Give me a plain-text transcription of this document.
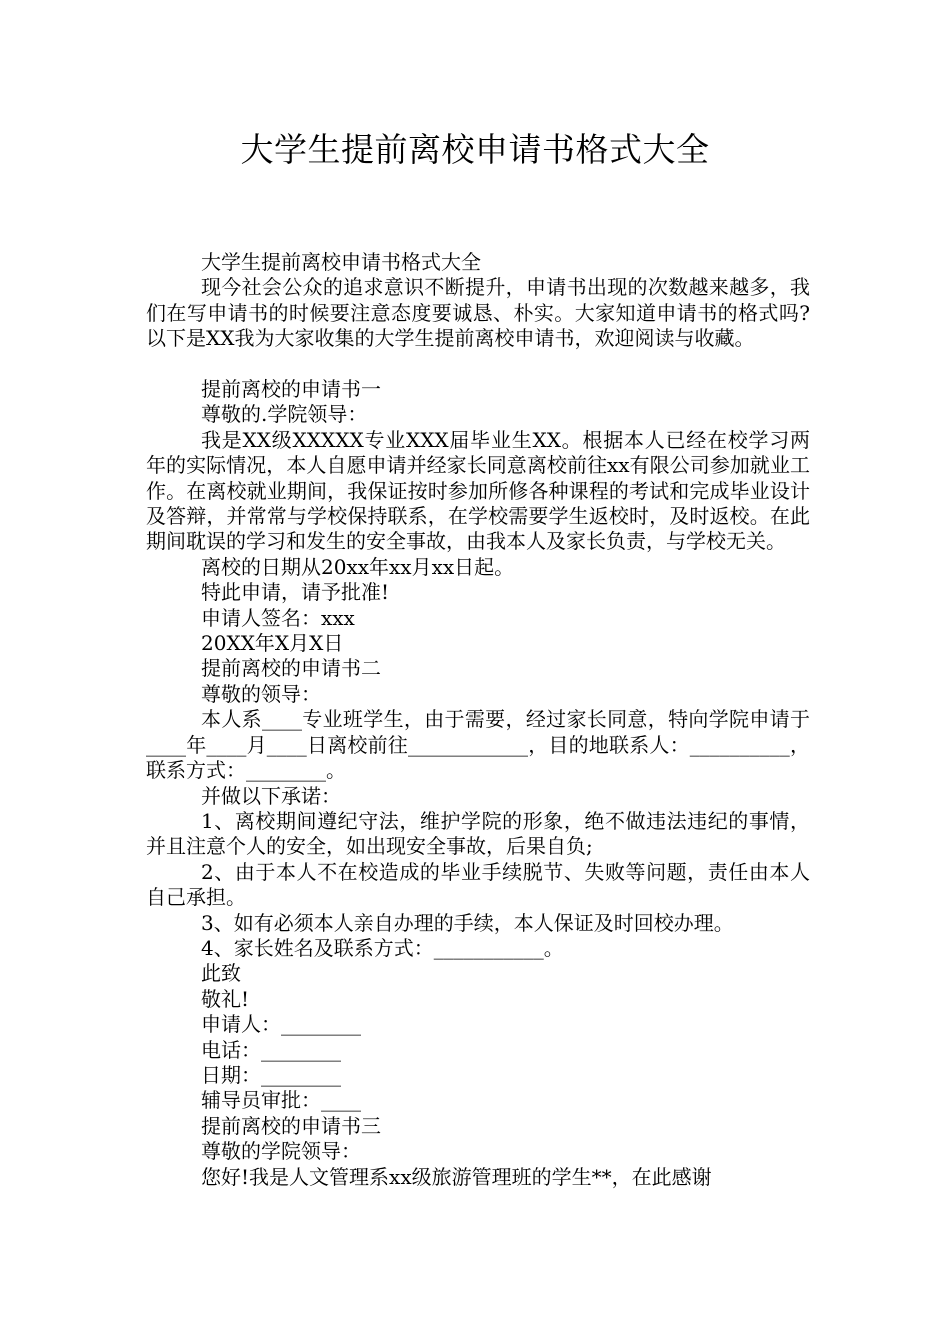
大学生提前离校申请书格式大全

大学生提前离校申请书格式大全

现今社会公众的追求意识不断提升，申请书出现的次数越来越多，我们在写申请书的时候要注意态度要诚恳、朴实。大家知道申请书的格式吗?以下是XX我为大家收集的大学生提前离校申请书，欢迎阅读与收藏。

提前离校的申请书一

尊敬的.学院领导：

我是XX级XXXXX专业XXX届毕业生XX。根据本人已经在校学习两年的实际情况，本人自愿申请并经家长同意离校前往xx有限公司参加就业工作。在离校就业期间，我保证按时参加所修各种课程的考试和完成毕业设计及答辩，并常常与学校保持联系，在学校需要学生返校时，及时返校。在此期间耽误的学习和发生的安全事故，由我本人及家长负责，与学校无关。

离校的日期从20xx年xx月xx日起。

特此申请，请予批准!

申请人签名：xxx

20XX年X月X日

提前离校的申请书二

尊敬的领导：

本人系____专业班学生，由于需要，经过家长同意，特向学院申请于____年____月____日离校前往____________，目的地联系人：__________，联系方式：________。

并做以下承诺：

1、离校期间遵纪守法，维护学院的形象，绝不做违法违纪的事情，并且注意个人的安全，如出现安全事故，后果自负;

2、由于本人不在校造成的毕业手续脱节、失败等问题，责任由本人自己承担。

3、如有必须本人亲自办理的手续，本人保证及时回校办理。

4、家长姓名及联系方式：___________。

此致

敬礼!

申请人：________

电话：________

日期：________

辅导员审批：____

提前离校的申请书三

尊敬的学院领导：

您好!我是人文管理系xx级旅游管理班的学生**，在此感谢
